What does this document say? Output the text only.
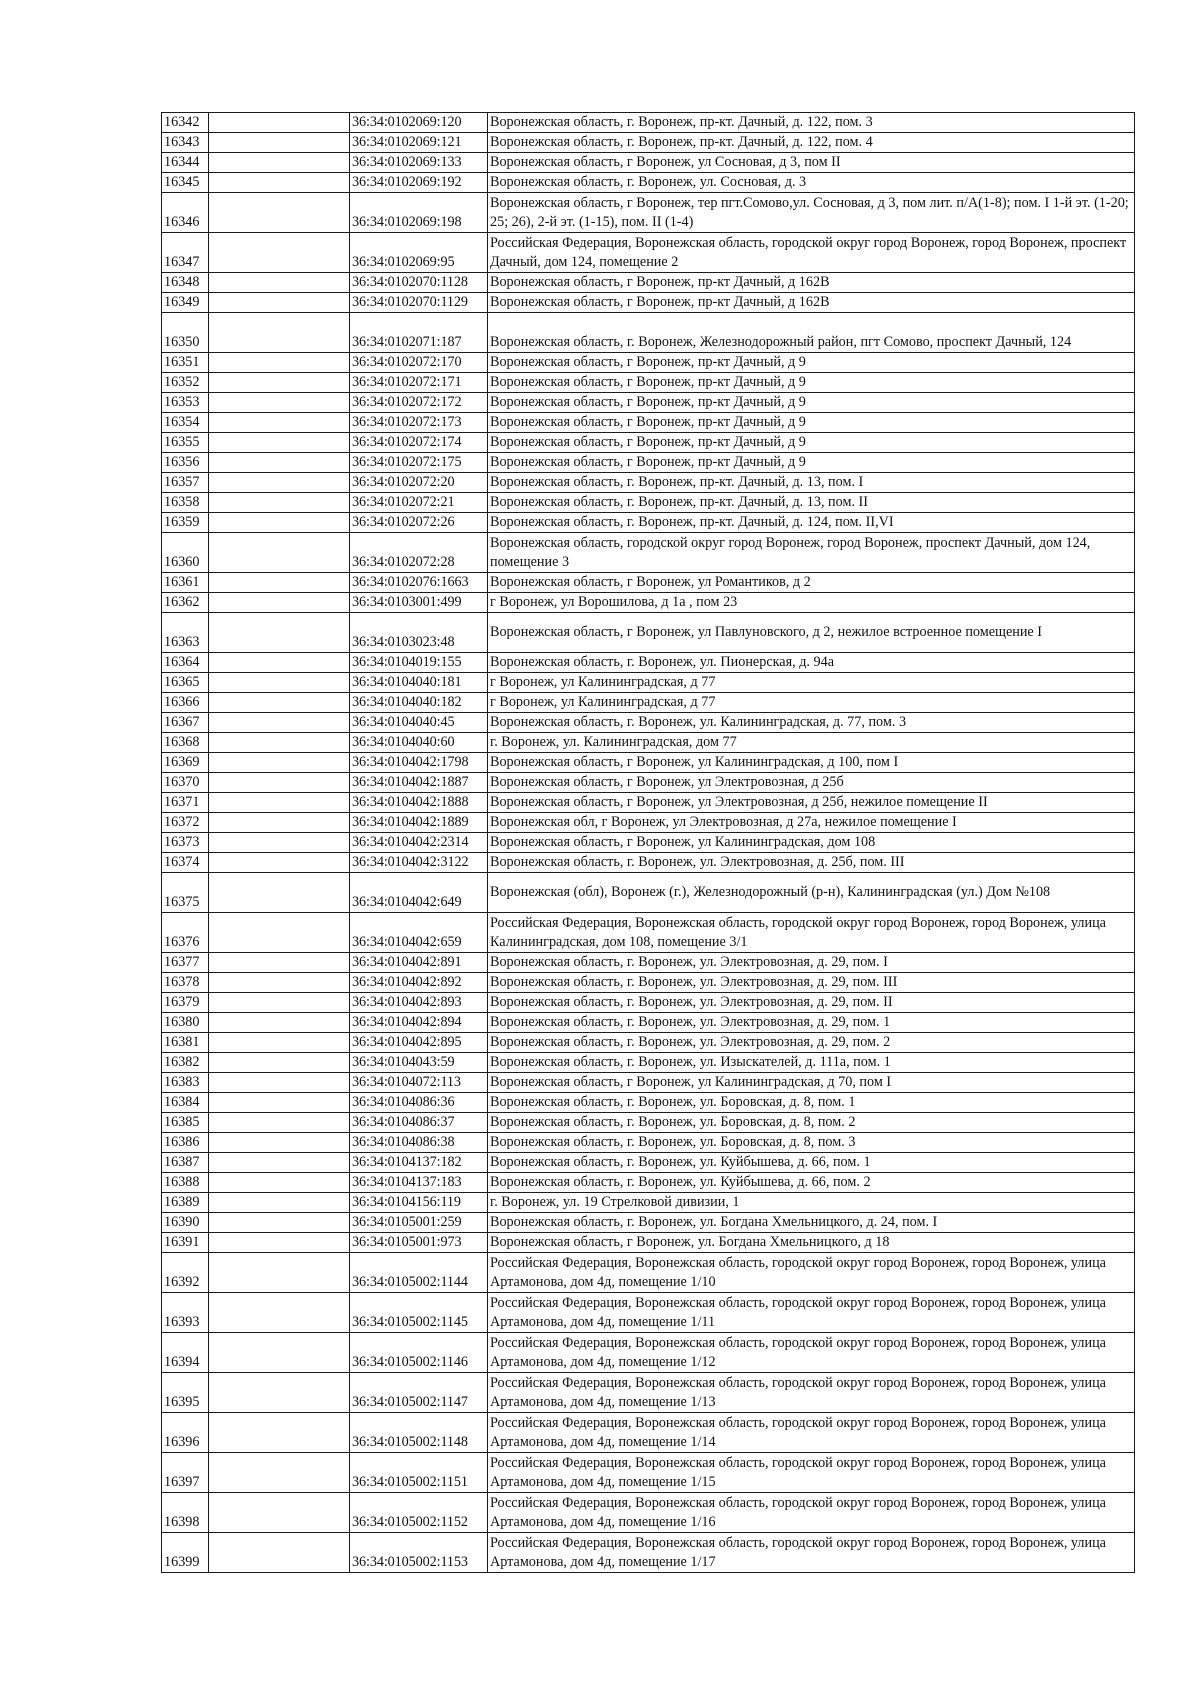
16342		36:34:0102069:120	Воронежская область, г. Воронеж, пр-кт. Дачный, д. 122, пом. 3
16343		36:34:0102069:121	Воронежская область, г. Воронеж, пр-кт. Дачный, д. 122, пом. 4
16344		36:34:0102069:133	Воронежская область, г Воронеж, ул Сосновая, д 3, пом II
16345		36:34:0102069:192	Воронежская область, г. Воронеж, ул. Сосновая, д. 3
16346		36:34:0102069:198	Воронежская область, г Воронеж, тер пгт.Сомово,ул. Сосновая, д 3, пом лит. п/А(1-8); пом. I 1-й эт. (1-20; 25; 26), 2-й эт. (1-15), пом. II (1-4)
16347		36:34:0102069:95	Российская Федерация, Воронежская область, городской округ город Воронеж, город Воронеж, проспект Дачный, дом 124, помещение 2
16348		36:34:0102070:1128	Воронежская область, г Воронеж, пр-кт Дачный, д 162В
16349		36:34:0102070:1129	Воронежская область, г Воронеж, пр-кт Дачный, д 162В
16350		36:34:0102071:187	Воронежская область, г. Воронеж, Железнодорожный район, пгт Сомово, проспект Дачный, 124
16351		36:34:0102072:170	Воронежская область, г Воронеж, пр-кт Дачный, д 9
16352		36:34:0102072:171	Воронежская область, г Воронеж, пр-кт Дачный, д 9
16353		36:34:0102072:172	Воронежская область, г Воронеж, пр-кт Дачный, д 9
16354		36:34:0102072:173	Воронежская область, г Воронеж, пр-кт Дачный, д 9
16355		36:34:0102072:174	Воронежская область, г Воронеж, пр-кт Дачный, д 9
16356		36:34:0102072:175	Воронежская область, г Воронеж, пр-кт Дачный, д 9
16357		36:34:0102072:20	Воронежская область, г. Воронеж, пр-кт. Дачный, д. 13, пом. I
16358		36:34:0102072:21	Воронежская область, г. Воронеж, пр-кт. Дачный, д. 13, пом. II
16359		36:34:0102072:26	Воронежская область, г. Воронеж, пр-кт. Дачный, д. 124, пом. II,VI
16360		36:34:0102072:28	Воронежская область, городской округ город Воронеж, город Воронеж, проспект Дачный, дом 124, помещение 3
16361		36:34:0102076:1663	Воронежская область, г Воронеж, ул Романтиков, д 2
16362		36:34:0103001:499	г Воронеж, ул Ворошилова, д 1а , пом 23
16363		36:34:0103023:48	Воронежская область, г Воронеж, ул Павлуновского, д 2, нежилое встроенное помещение I
16364		36:34:0104019:155	Воронежская область, г. Воронеж, ул. Пионерская, д. 94а
16365		36:34:0104040:181	г Воронеж, ул Калининградская, д 77
16366		36:34:0104040:182	г Воронеж, ул Калининградская, д 77
16367		36:34:0104040:45	Воронежская область, г. Воронеж, ул. Калининградская, д. 77, пом. 3
16368		36:34:0104040:60	г. Воронеж, ул. Калининградская, дом 77
16369		36:34:0104042:1798	Воронежская область, г Воронеж, ул Калининградская, д 100, пом I
16370		36:34:0104042:1887	Воронежская область, г Воронеж, ул Электровозная, д 25б
16371		36:34:0104042:1888	Воронежская область, г Воронеж, ул Электровозная, д 25б, нежилое помещение II
16372		36:34:0104042:1889	Воронежская обл, г Воронеж, ул Электровозная, д 27а, нежилое помещение I
16373		36:34:0104042:2314	Воронежская область, г Воронеж, ул Калининградская, дом 108
16374		36:34:0104042:3122	Воронежская область, г. Воронеж, ул. Электровозная, д. 25б, пом. III
16375		36:34:0104042:649	Воронежская (обл), Воронеж (г.), Железнодорожный (р-н), Калининградская (ул.) Дом №108
16376		36:34:0104042:659	Российская Федерация, Воронежская область, городской округ город Воронеж, город Воронеж, улица Калининградская, дом 108, помещение 3/1
16377		36:34:0104042:891	Воронежская область, г. Воронеж, ул. Электровозная, д. 29, пом. I
16378		36:34:0104042:892	Воронежская область, г. Воронеж, ул. Электровозная, д. 29, пом. III
16379		36:34:0104042:893	Воронежская область, г. Воронеж, ул. Электровозная, д. 29, пом. II
16380		36:34:0104042:894	Воронежская область, г. Воронеж, ул. Электровозная, д. 29, пом. 1
16381		36:34:0104042:895	Воронежская область, г. Воронеж, ул. Электровозная, д. 29, пом. 2
16382		36:34:0104043:59	Воронежская область, г. Воронеж, ул. Изыскателей, д. 111а, пом. 1
16383		36:34:0104072:113	Воронежская область, г Воронеж, ул Калининградская, д 70, пом I
16384		36:34:0104086:36	Воронежская область, г. Воронеж, ул. Боровская, д. 8, пом. 1
16385		36:34:0104086:37	Воронежская область, г. Воронеж, ул. Боровская, д. 8, пом. 2
16386		36:34:0104086:38	Воронежская область, г. Воронеж, ул. Боровская, д. 8, пом. 3
16387		36:34:0104137:182	Воронежская область, г. Воронеж, ул. Куйбышева, д. 66, пом. 1
16388		36:34:0104137:183	Воронежская область, г. Воронеж, ул. Куйбышева, д. 66, пом. 2
16389		36:34:0104156:119	г. Воронеж, ул. 19 Стрелковой дивизии, 1
16390		36:34:0105001:259	Воронежская область, г. Воронеж, ул. Богдана Хмельницкого, д. 24, пом. I
16391		36:34:0105001:973	Воронежская область, г Воронеж, ул. Богдана Хмельницкого, д 18
16392		36:34:0105002:1144	Российская Федерация, Воронежская область, городской округ город Воронеж, город Воронеж, улица Артамонова, дом 4д, помещение 1/10
16393		36:34:0105002:1145	Российская Федерация, Воронежская область, городской округ город Воронеж, город Воронеж, улица Артамонова, дом 4д, помещение 1/11
16394		36:34:0105002:1146	Российская Федерация, Воронежская область, городской округ город Воронеж, город Воронеж, улица Артамонова, дом 4д, помещение 1/12
16395		36:34:0105002:1147	Российская Федерация, Воронежская область, городской округ город Воронеж, город Воронеж, улица Артамонова, дом 4д, помещение 1/13
16396		36:34:0105002:1148	Российская Федерация, Воронежская область, городской округ город Воронеж, город Воронеж, улица Артамонова, дом 4д, помещение 1/14
16397		36:34:0105002:1151	Российская Федерация, Воронежская область, городской округ город Воронеж, город Воронеж, улица Артамонова, дом 4д, помещение 1/15
16398		36:34:0105002:1152	Российская Федерация, Воронежская область, городской округ город Воронеж, город Воронеж, улица Артамонова, дом 4д, помещение 1/16
16399		36:34:0105002:1153	Российская Федерация, Воронежская область, городской округ город Воронеж, город Воронеж, улица Артамонова, дом 4д, помещение 1/17
